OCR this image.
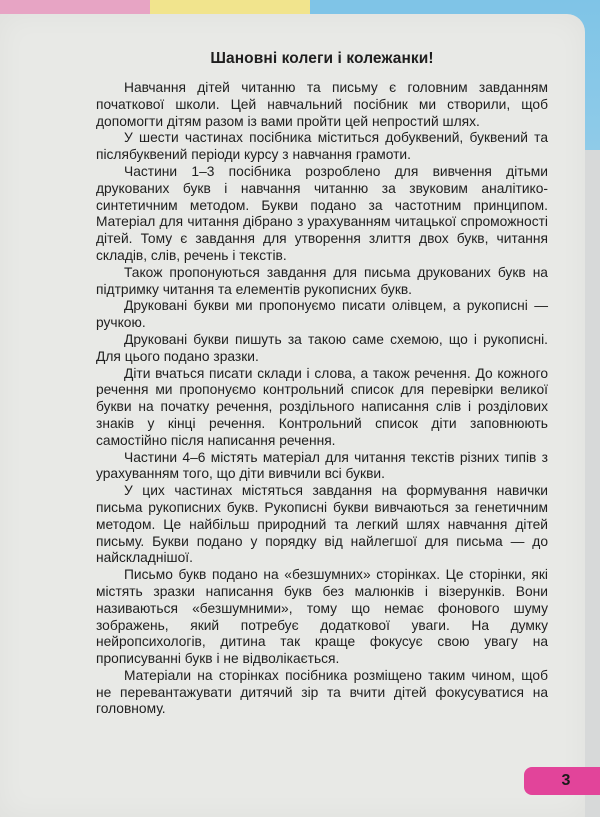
Шановні колеги і колежанки!

Навчання дітей читанню та письму є головним завданням початкової школи. Цей навчальний посібник ми створили, щоб допомогти дітям разом із вами пройти цей непростий шлях.

У шести частинах посібника міститься добуквений, буквений та післябуквений періоди курсу з навчання грамоти.

Частини 1–3 посібника розроблено для вивчення дітьми друкованих букв і навчання читанню за звуковим аналітико-синтетичним методом. Букви подано за частотним принципом. Матеріал для читання дібрано з урахуванням читацької спроможності дітей. Тому є завдання для утворення злиття двох букв, читання складів, слів, речень і текстів.

Також пропонуються завдання для письма друкованих букв на підтримку читання та елементів рукописних букв.

Друковані букви ми пропонуємо писати олівцем, а рукописні — ручкою.

Друковані букви пишуть за такою саме схемою, що і рукописні. Для цього подано зразки.

Діти вчаться писати склади і слова, а також речення. До кожного речення ми пропонуємо контрольний список для перевірки великої букви на початку речення, роздільного написання слів і розділових знаків у кінці речення. Контрольний список діти заповнюють самостійно після написання речення.

Частини 4–6 містять матеріал для читання текстів різних типів з урахуванням того, що діти вивчили всі букви.

У цих частинах містяться завдання на формування навички письма рукописних букв. Рукописні букви вивчаються за генетичним методом. Це найбільш природний та легкий шлях навчання дітей письму. Букви подано у порядку від найлегшої для письма — до найскладнішої.

Письмо букв подано на «безшумних» сторінках. Це сторінки, які містять зразки написання букв без малюнків і візерунків. Вони називаються «безшумними», тому що немає фонового шуму зображень, який потребує додаткової уваги. На думку нейропсихологів, дитина так краще фокусує свою увагу на прописуванні букв і не відволікається.

Матеріали на сторінках посібника розміщено таким чином, щоб не перевантажувати дитячий зір та вчити дітей фокусуватися на головному.

3
